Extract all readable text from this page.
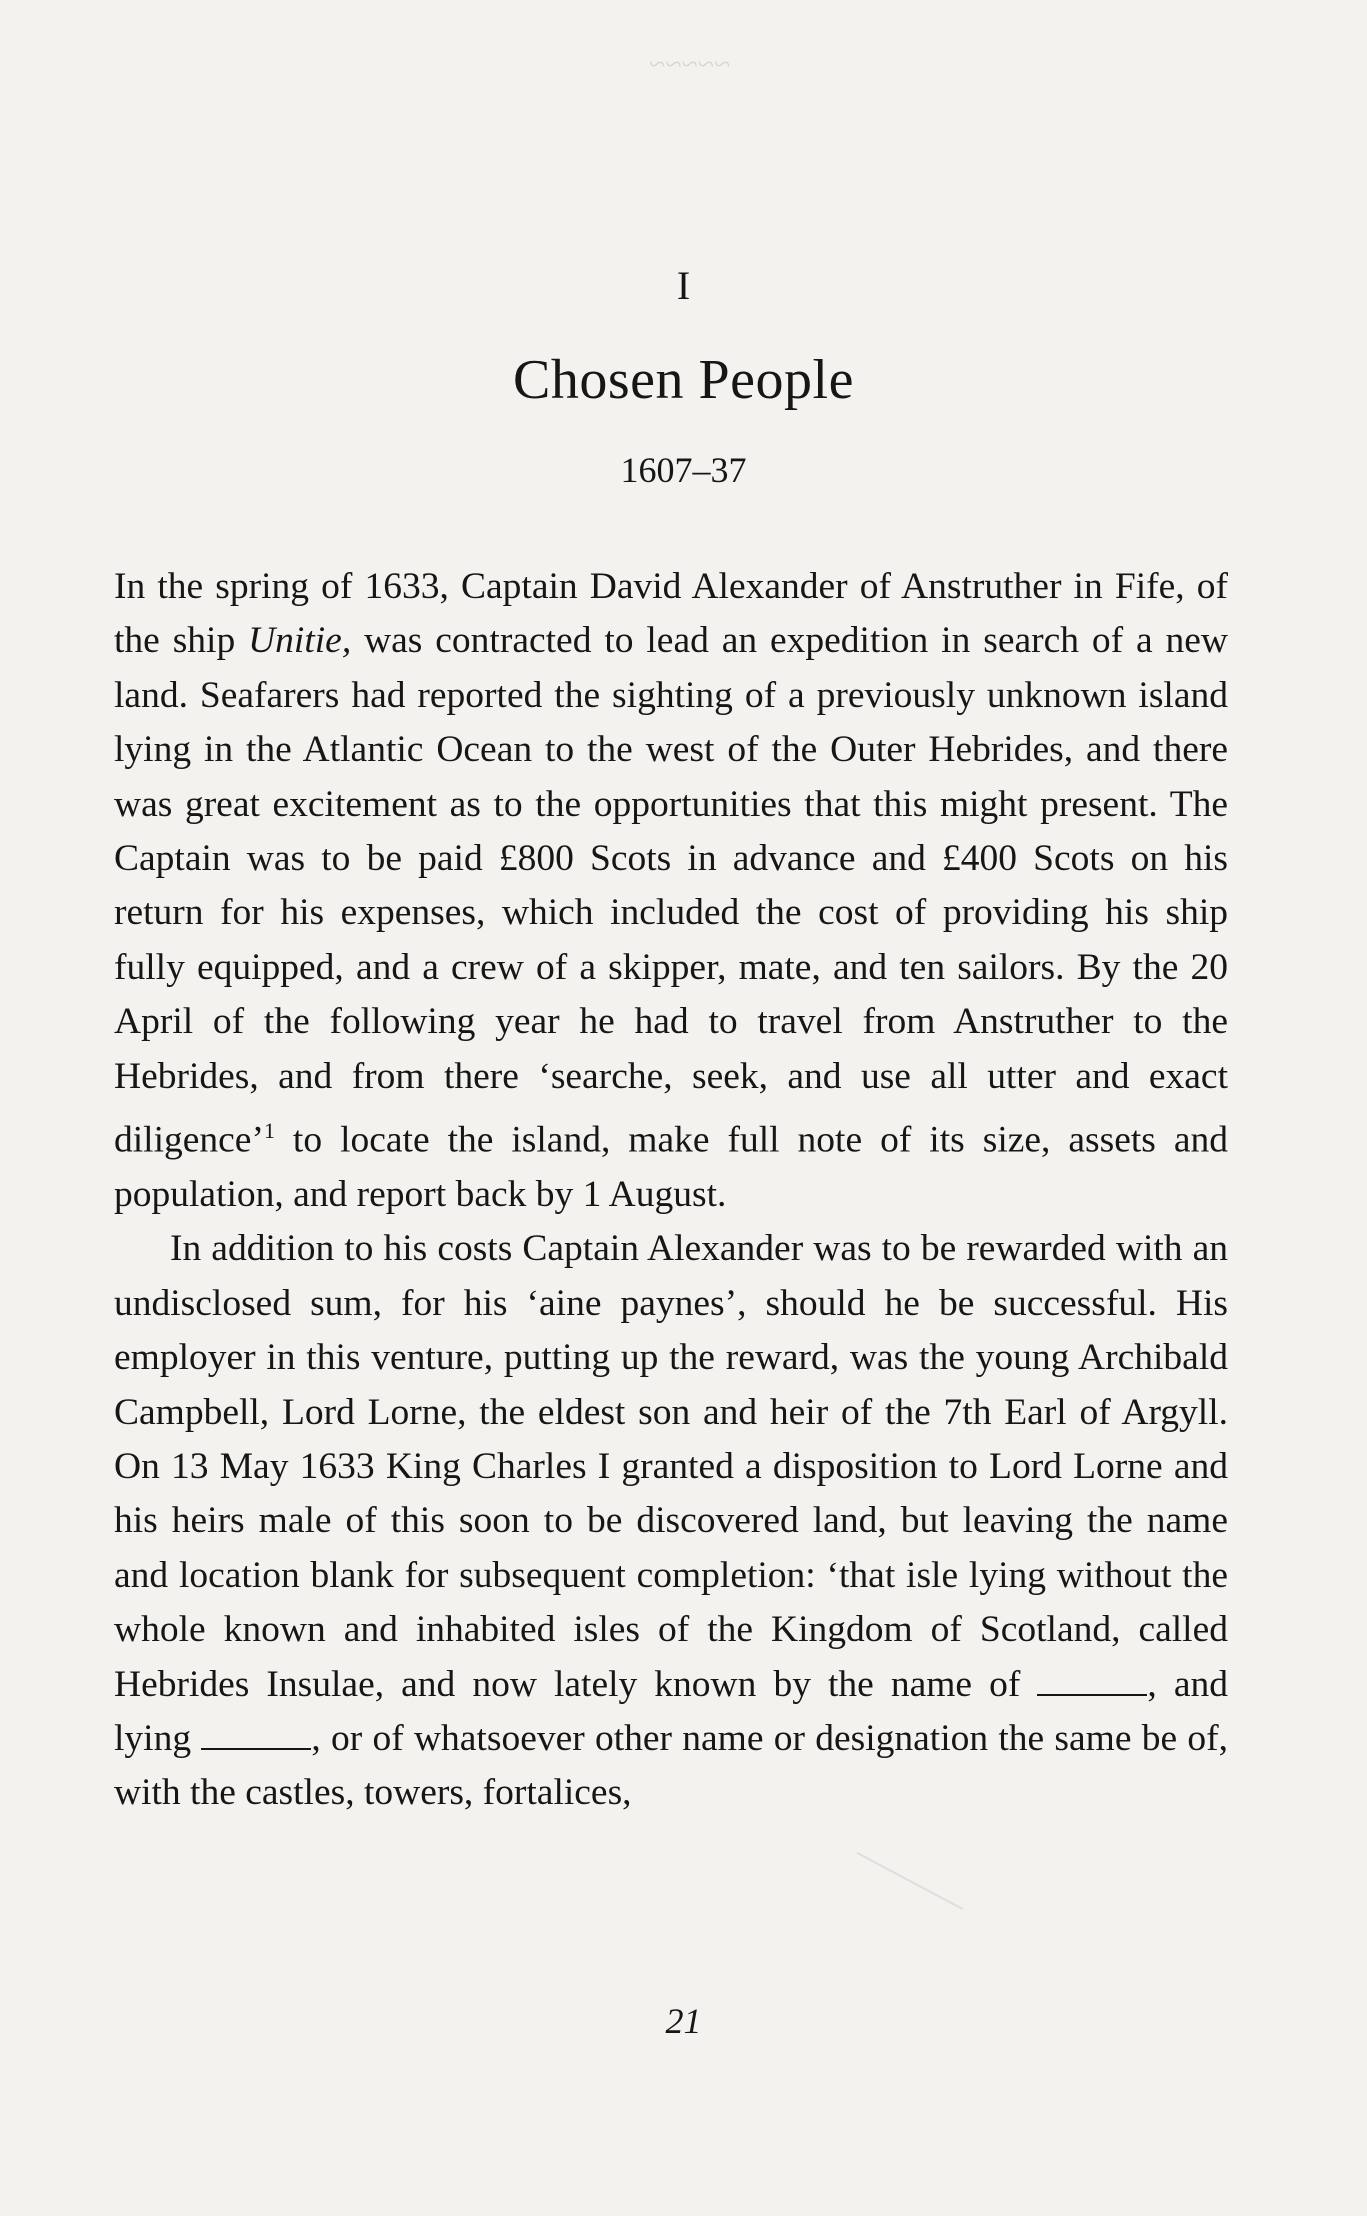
~~~~~
I
Chosen People
1607–37

In the spring of 1633, Captain David Alexander of Anstruther in Fife, of the ship Unitie, was contracted to lead an expedition in search of a new land. Seafarers had reported the sighting of a previously unknown island lying in the Atlantic Ocean to the west of the Outer Hebrides, and there was great excitement as to the opportunities that this might present. The Captain was to be paid £800 Scots in advance and £400 Scots on his return for his expenses, which included the cost of providing his ship fully equipped, and a crew of a skipper, mate, and ten sailors. By the 20 April of the following year he had to travel from Anstruther to the Hebrides, and from there ‘searche, seek, and use all utter and exact diligence’$^1$ to locate the island, make full note of its size, assets and population, and report back by 1 August.

In addition to his costs Captain Alexander was to be rewarded with an undisclosed sum, for his ‘aine paynes’, should he be successful. His employer in this venture, putting up the reward, was the young Archibald Campbell, Lord Lorne, the eldest son and heir of the 7th Earl of Argyll. On 13 May 1633 King Charles I granted a disposition to Lord Lorne and his heirs male of this soon to be discovered land, but leaving the name and location blank for subsequent completion: ‘that isle lying without the whole known and inhabited isles of the Kingdom of Scotland, called Hebrides Insulae, and now lately known by the name of	, and lying	, or of whatsoever other name or designation the same be of, with the castles, towers, fortalices,

21
